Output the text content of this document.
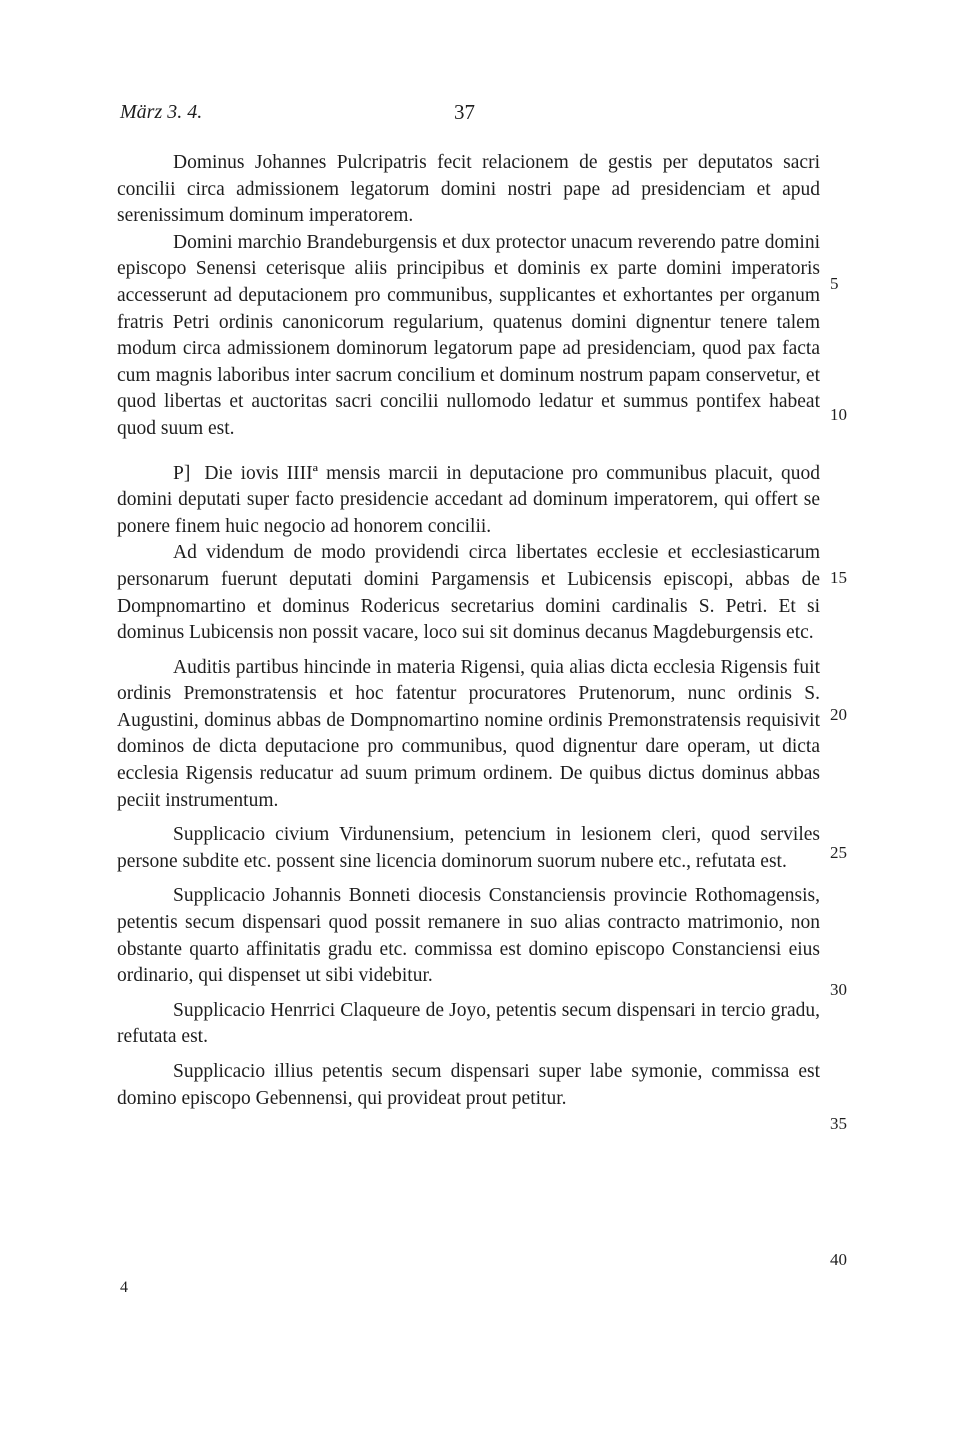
März 3. 4.	37

Dominus Johannes Pulcripatris fecit relacionem de gestis per deputatos sacri concilii circa admissionem legatorum domini nostri pape ad presidenciam et apud serenissimum dominum imperatorem.

Domini marchio Brandeburgensis et dux protector unacum reverendo patre domini episcopo Senensi ceterisque aliis principibus et dominis ex parte domini imperatoris accesserunt ad deputacionem pro communibus, supplicantes et exhortantes per organum fratris Petri ordinis canonicorum regularium, quatenus domini dignentur tenere talem modum circa admissionem dominorum legatorum pape ad presidenciam, quod pax facta cum magnis laboribus inter sacrum concilium et dominum nostrum papam conservetur, et quod libertas et auctoritas sacri concilii nullomodo ledatur et summus pontifex habeat quod suum est.

P] Die iovis IIIIª mensis marcii in deputacione pro communibus placuit, quod domini deputati super facto presidencie accedant ad dominum imperatorem, qui offert se ponere finem huic negocio ad honorem concilii.

Ad videndum de modo providendi circa libertates ecclesie et ecclesiasticarum personarum fuerunt deputati domini Pargamensis et Lubicensis episcopi, abbas de Dompnomartino et dominus Rodericus secretarius domini cardinalis S. Petri. Et si dominus Lubicensis non possit vacare, loco sui sit dominus decanus Magdeburgensis etc.

Auditis partibus hincinde in materia Rigensi, quia alias dicta ecclesia Rigensis fuit ordinis Premonstratensis et hoc fatentur procuratores Prutenorum, nunc ordinis S. Augustini, dominus abbas de Dompnomartino nomine ordinis Premonstratensis requisivit dominos de dicta deputacione pro communibus, quod dignentur dare operam, ut dicta ecclesia Rigensis reducatur ad suum primum ordinem. De quibus dictus dominus abbas peciit instrumentum.

Supplicacio civium Virdunensium, petencium in lesionem cleri, quod serviles persone subdite etc. possent sine licencia dominorum suorum nubere etc., refutata est.

Supplicacio Johannis Bonneti diocesis Constanciensis provincie Rothomagensis, petentis secum dispensari quod possit remanere in suo alias contracto matrimonio, non obstante quarto affinitatis gradu etc. commissa est domino episcopo Constanciensi eius ordinario, qui dispenset ut sibi videbitur.

Supplicacio Henrrici Claqueure de Joyo, petentis secum dispensari in tercio gradu, refutata est.

Supplicacio illius petentis secum dispensari super labe symonie, commissa est domino episcopo Gebennensi, qui provideat prout petitur.

5
10
15
20
25
30
35
40
4
